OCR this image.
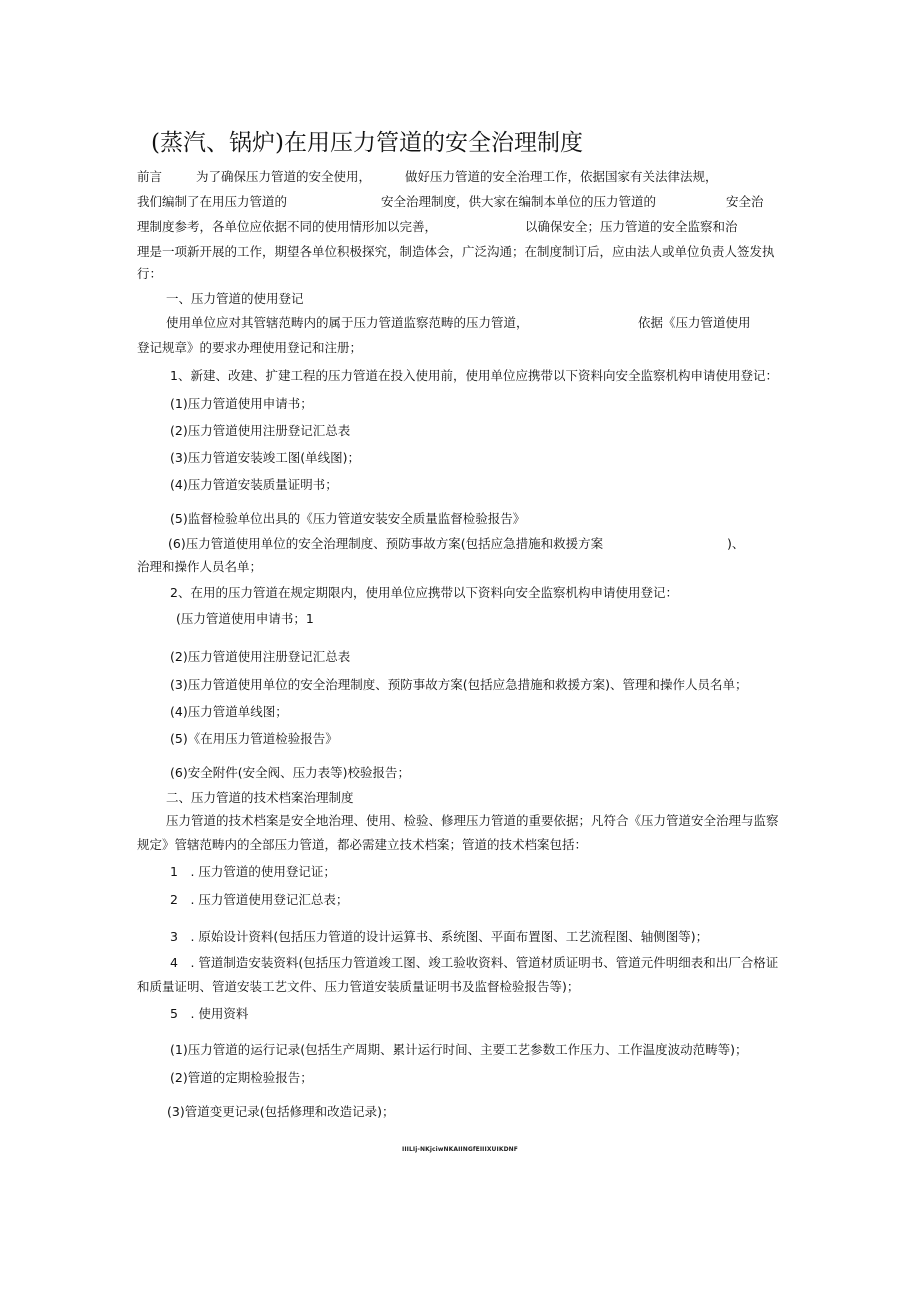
(蒸汽、锅炉)在用压力管道的安全治理制度
前言	为了确保压力管道的安全使用，	做好压力管道的安全治理工作，依据国家有关法律法规，
我们编制了在用压力管道的	安全治理制度，供大家在编制本单位的压力管道的	安全治
理制度参考，各单位应依据不同的使用情形加以完善，	以确保安全；压力管道的安全监察和治
理是一项新开展的工作，期望各单位积极探究，制造体会，广泛沟通；在制度制订后，应由法人或单位负责人签发执
行：
一、压力管道的使用登记
使用单位应对其管辖范畴内的属于压力管道监察范畴的压力管道，	依据《压力管道使用
登记规章》的要求办理使用登记和注册；
1、新建、改建、扩建工程的压力管道在投入使用前，使用单位应携带以下资料向安全监察机构申请使用登记：
(1)压力管道使用申请书；
(2)压力管道使用注册登记汇总表
(3)压力管道安装竣工图(单线图)；
(4)压力管道安装质量证明书；
(5)监督检验单位出具的《压力管道安装安全质量监督检验报告》
(6)压力管道使用单位的安全治理制度、预防事故方案(包括应急措施和救援方案	)、
治理和操作人员名单；
2、在用的压力管道在规定期限内，使用单位应携带以下资料向安全监察机构申请使用登记：
(压力管道使用申请书；1
(2)压力管道使用注册登记汇总表
(3)压力管道使用单位的安全治理制度、预防事故方案(包括应急措施和救援方案)、管理和操作人员名单；
(4)压力管道单线图；
(5)《在用压力管道检验报告》
(6)安全附件(安全阀、压力表等)校验报告；
二、压力管道的技术档案治理制度
压力管道的技术档案是安全地治理、使用、检验、修理压力管道的重要依据；凡符合《压力管道安全治理与监察
规定》管辖范畴内的全部压力管道，都必需建立技术档案；管道的技术档案包括：
1　. 压力管道的使用登记证；
2　. 压力管道使用登记汇总表；
3　. 原始设计资料(包括压力管道的设计运算书、系统图、平面布置图、工艺流程图、轴侧图等)；
4　. 管道制造安装资料(包括压力管道竣工图、竣工验收资料、管道材质证明书、管道元件明细表和出厂合格证
和质量证明、管道安装工艺文件、压力管道安装质量证明书及监督检验报告等)；
5　. 使用资料
(1)压力管道的运行记录(包括生产周期、累计运行时间、主要工艺参数工作压力、工作温度波动范畴等)；
(2)管道的定期检验报告；
(3)管道变更记录(包括修理和改造记录)；
IIILIj-NKjciwNKAIINGfEIIIXUIKDNF
